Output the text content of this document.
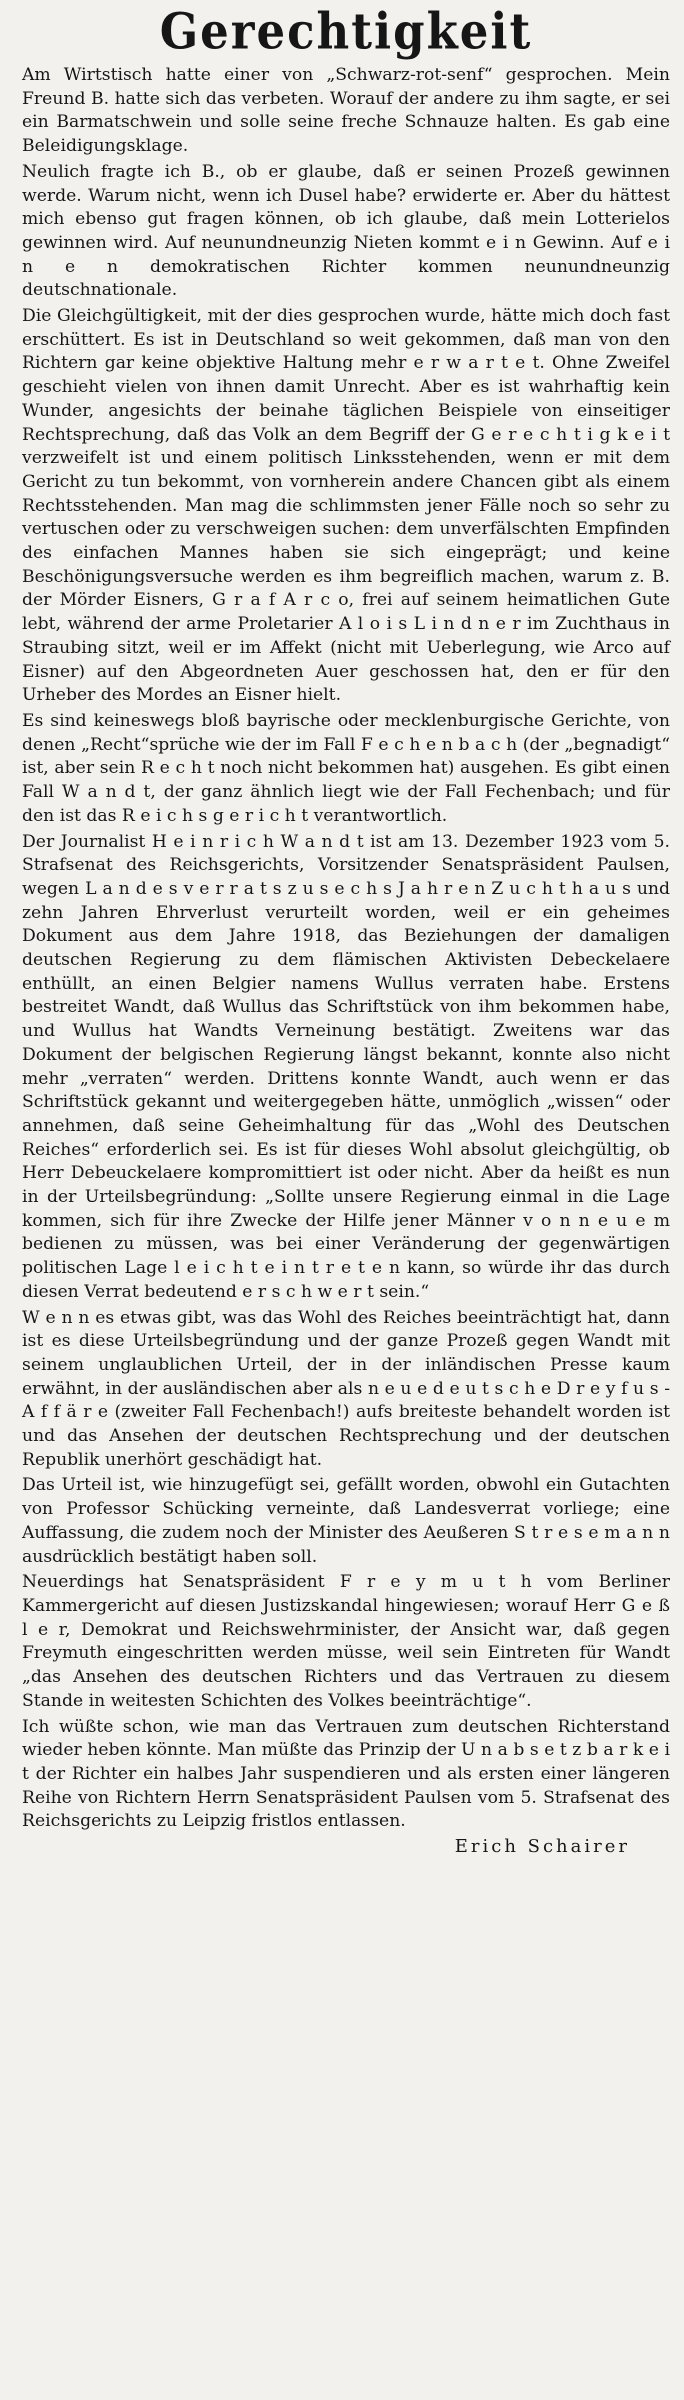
Gerechtigkeit

Am Wirtstisch hatte einer von „Schwarz-rot-senf“ gesprochen. Mein Freund B. hatte sich das verbeten. Worauf der andere zu ihm sagte, er sei ein Barmatschwein und solle seine freche Schnauze halten. Es gab eine Beleidigungsklage.

Neulich fragte ich B., ob er glaube, daß er seinen Prozeß gewinnen werde. Warum nicht, wenn ich Dusel habe? erwiderte er. Aber du hättest mich ebenso gut fragen können, ob ich glaube, daß mein Lotterielos gewinnen wird. Auf neunundneunzig Nieten kommt e i n Gewinn. Auf e i n e n demokratischen Richter kommen neunundneunzig deutschnationale.

Die Gleichgültigkeit, mit der dies gesprochen wurde, hätte mich doch fast erschüttert. Es ist in Deutschland so weit gekommen, daß man von den Richtern gar keine objektive Haltung mehr e r w a r t e t. Ohne Zweifel geschieht vielen von ihnen damit Unrecht. Aber es ist wahrhaftig kein Wunder, angesichts der beinahe täglichen Beispiele von einseitiger Rechtsprechung, daß das Volk an dem Begriff der G e r e c h t i g k e i t verzweifelt ist und einem politisch Linksstehenden, wenn er mit dem Gericht zu tun bekommt, von vornherein andere Chancen gibt als einem Rechtsstehenden. Man mag die schlimmsten jener Fälle noch so sehr zu vertuschen oder zu verschweigen suchen: dem unverfälschten Empfinden des einfachen Mannes haben sie sich eingeprägt; und keine Beschönigungsversuche werden es ihm begreiflich machen, warum z. B. der Mörder Eisners, G r a f A r c o, frei auf seinem heimatlichen Gute lebt, während der arme Proletarier A l o i s L i n d n e r im Zuchthaus in Straubing sitzt, weil er im Affekt (nicht mit Ueberlegung, wie Arco auf Eisner) auf den Abgeordneten Auer geschossen hat, den er für den Urheber des Mordes an Eisner hielt.

Es sind keineswegs bloß bayrische oder mecklenburgische Gerichte, von denen „Recht“sprüche wie der im Fall F e c h e n b a c h (der „begnadigt“ ist, aber sein R e c h t noch nicht bekommen hat) ausgehen. Es gibt einen Fall W a n d t, der ganz ähnlich liegt wie der Fall Fechenbach; und für den ist das R e i c h s g e r i c h t verantwortlich.

Der Journalist H e i n r i c h W a n d t ist am 13. Dezember 1923 vom 5. Strafsenat des Reichsgerichts, Vorsitzender Senatspräsident Paulsen, wegen L a n d e s v e r r a t s z u s e c h s J a h r e n Z u c h t h a u s und zehn Jahren Ehrverlust verurteilt worden, weil er ein geheimes Dokument aus dem Jahre 1918, das Beziehungen der damaligen deutschen Regierung zu dem flämischen Aktivisten Debeckelaere enthüllt, an einen Belgier namens Wullus verraten habe. Erstens bestreitet Wandt, daß Wullus das Schriftstück von ihm bekommen habe, und Wullus hat Wandts Verneinung bestätigt. Zweitens war das Dokument der belgischen Regierung längst bekannt, konnte also nicht mehr „verraten“ werden. Drittens konnte Wandt, auch wenn er das Schriftstück gekannt und weitergegeben hätte, unmöglich „wissen“ oder annehmen, daß seine Geheimhaltung für das „Wohl des Deutschen Reiches“ erforderlich sei. Es ist für dieses Wohl absolut gleichgültig, ob Herr Debeuckelaere kompromittiert ist oder nicht. Aber da heißt es nun in der Urteilsbegründung: „Sollte unsere Regierung einmal in die Lage kommen, sich für ihre Zwecke der Hilfe jener Männer v o n n e u e m bedienen zu müssen, was bei einer Veränderung der gegenwärtigen politischen Lage l e i c h t e i n t r e t e n kann, so würde ihr das durch diesen Verrat bedeutend e r s c h w e r t sein.“

W e n n es etwas gibt, was das Wohl des Reiches beeinträchtigt hat, dann ist es diese Urteilsbegründung und der ganze Prozeß gegen Wandt mit seinem unglaublichen Urteil, der in der inländischen Presse kaum erwähnt, in der ausländischen aber als n e u e d e u t s c h e D r e y f u s - A f f ä r e (zweiter Fall Fechenbach!) aufs breiteste behandelt worden ist und das Ansehen der deutschen Rechtsprechung und der deutschen Republik unerhört geschädigt hat.

Das Urteil ist, wie hinzugefügt sei, gefällt worden, obwohl ein Gutachten von Professor Schücking verneinte, daß Landesverrat vorliege; eine Auffassung, die zudem noch der Minister des Aeußeren S t r e s e m a n n ausdrücklich bestätigt haben soll.

Neuerdings hat Senatspräsident F r e y m u t h vom Berliner Kammergericht auf diesen Justizskandal hingewiesen; worauf Herr G e ß l e r, Demokrat und Reichswehrminister, der Ansicht war, daß gegen Freymuth eingeschritten werden müsse, weil sein Eintreten für Wandt „das Ansehen des deutschen Richters und das Vertrauen zu diesem Stande in weitesten Schichten des Volkes beeinträchtige“.

Ich wüßte schon, wie man das Vertrauen zum deutschen Richterstand wieder heben könnte. Man müßte das Prinzip der U n a b s e t z b a r k e i t der Richter ein halbes Jahr suspendieren und als ersten einer längeren Reihe von Richtern Herrn Senatspräsident Paulsen vom 5. Strafsenat des Reichsgerichts zu Leipzig fristlos entlassen.

Erich Schairer
